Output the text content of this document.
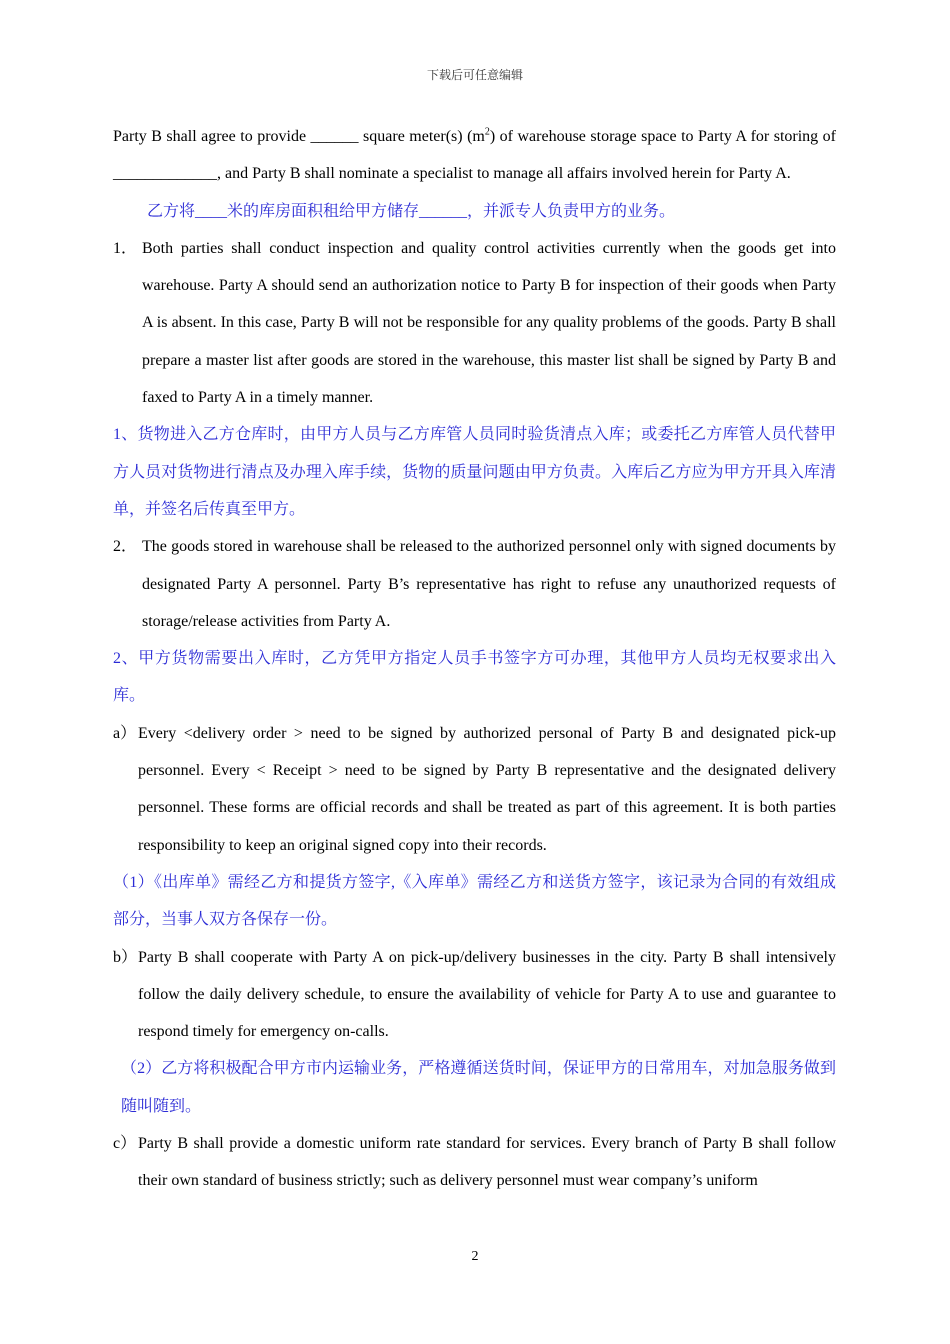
下载后可任意编辑
Party B shall agree to provide ______ square meter(s) $(m^2)$ of warehouse storage space to Party A for storing of _____________, and Party B shall nominate a specialist to manage all affairs involved herein for Party A.
乙方将____米的库房面积租给甲方储存______，并派专人负责甲方的业务。
1． Both parties shall conduct inspection and quality control activities currently when the goods get into warehouse. Party A should send an authorization notice to Party B for inspection of their goods when Party A is absent. In this case, Party B will not be responsible for any quality problems of the goods. Party B shall prepare a master list after goods are stored in the warehouse, this master list shall be signed by Party B and faxed to Party A in a timely manner.
1、货物进入乙方仓库时，由甲方人员与乙方库管人员同时验货清点入库；或委托乙方库管人员代替甲方人员对货物进行清点及办理入库手续，货物的质量问题由甲方负责。入库后乙方应为甲方开具入库清单，并签名后传真至甲方。
2． The goods stored in warehouse shall be released to the authorized personnel only with signed documents by designated Party A personnel. Party B’s representative has right to refuse any unauthorized requests of storage/release activities from Party A.
2、甲方货物需要出入库时，乙方凭甲方指定人员手书签字方可办理，其他甲方人员均无权要求出入库。
a） Every <delivery order > need to be signed by authorized personal of Party B and designated pick-up personnel. Every < Receipt > need to be signed by Party B representative and the designated delivery personnel. These forms are official records and shall be treated as part of this agreement. It is both parties responsibility to keep an original signed copy into their records.
（1）《出库单》需经乙方和提货方签字,《入库单》需经乙方和送货方签字，该记录为合同的有效组成部分，当事人双方各保存一份。
b） Party B shall cooperate with Party A on pick-up/delivery businesses in the city. Party B shall intensively follow the daily delivery schedule, to ensure the availability of vehicle for Party A to use and guarantee to respond timely for emergency on-calls.
（2）乙方将积极配合甲方市内运输业务，严格遵循送货时间，保证甲方的日常用车，对加急服务做到随叫随到。
c） Party B shall provide a domestic uniform rate standard for services. Every branch of Party B shall follow their own standard of business strictly; such as delivery personnel must wear company’s uniform
2
